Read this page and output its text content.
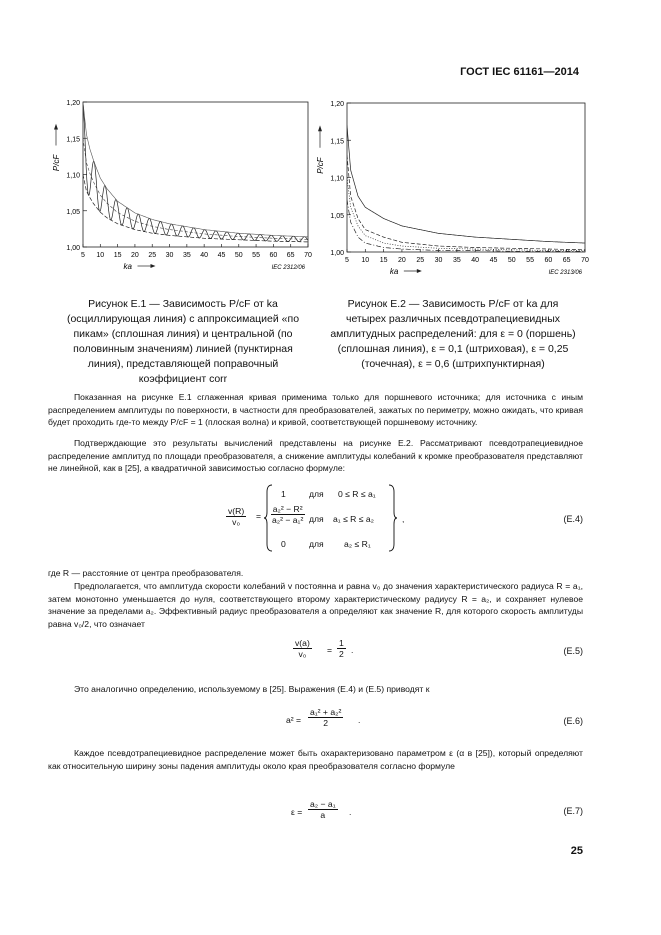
ГОСТ IEC 61161—2014
1,20
1,15
1,10
1,05
1,00
5 10 15 20 25 30 35 40 45 50 55 60 65 70
P/cF
ka	IEC 2312/06
1,20
1,15
1,10
1,05
1,00
5 10 15 20 25 30 35 40 45 50 55 60 65 70
P/cF
ka	IEC 2313/06
Рисунок E.1 — Зависимость P/cF от ka
(осциллирующая линия) с аппроксимацией «по
пикам» (сплошная линия) и центральной (по
половинным значениям) линией (пунктирная
линия), представляющей поправочный
коэффициент corr
Рисунок E.2 — Зависимость P/cF от ka для
четырех различных псевдотрапециевидных
амплитудных распределений: для ε = 0 (поршень)
(сплошная линия), ε = 0,1 (штриховая), ε = 0,25
(точечная), ε = 0,6 (штрихпунктирная)
Показанная на рисунке E.1 сглаженная кривая применима только для поршневого источника; для источника с иным распределением амплитуды по поверхности, в частности для преобразователей, зажатых по периметру, можно ожидать, что кривая будет проходить где-то между P/cF = 1 (плоская волна) и кривой, соответствующей поршневому источнику.
Подтверждающие это результаты вычислений представлены на рисунке E.2. Рассматривают псевдотрапециевидное распределение амплитуд по площади преобразователя, а снижение амплитуды колебаний к кромке преобразователя представляют не линейной, как в [25], а квадратичной зависимостью согласно формуле:
$\frac{v(R)}{\text{v₀}}$ =
1	для 0 ≤ R ≤ a₁
$\frac{\text{a₂² − R²}}{\text{a₂² − a₁²}}$ для a₁ ≤ R ≤ a₂
0	для a₂ ≤ R₁
,	(E.4)
где R — расстояние от центра преобразователя.
Предполагается, что амплитуда скорости колебаний v постоянна и равна v₀ до значения характеристического радиуса R = a₁, затем монотонно уменьшается до нуля, соответствующего второму характеристическому радиусу R = a₂, и сохраняет нулевое значение за пределами a₂. Эффективный радиус преобразователя a определяют как значение R, для которого скорость амплитуды равна v₀/2, что означает
$\frac{v(a)}{\text{v₀}} = \frac{1}{2}$ .	(E.5)
Это аналогично определению, используемому в [25]. Выражения (E.4) и (E.5) приводят к
$a^2 = \frac{\text{a₁² + a₂²}}{2}$ .	(E.6)
Каждое псевдотрапециевидное распределение может быть охарактеризовано параметром ε (α в [25]), который определяют как относительную ширину зоны падения амплитуды около края преобразователя согласно формуле
$\varepsilon = \frac{\text{a₂ − a₁}}{a}$ .	(E.7)
25
